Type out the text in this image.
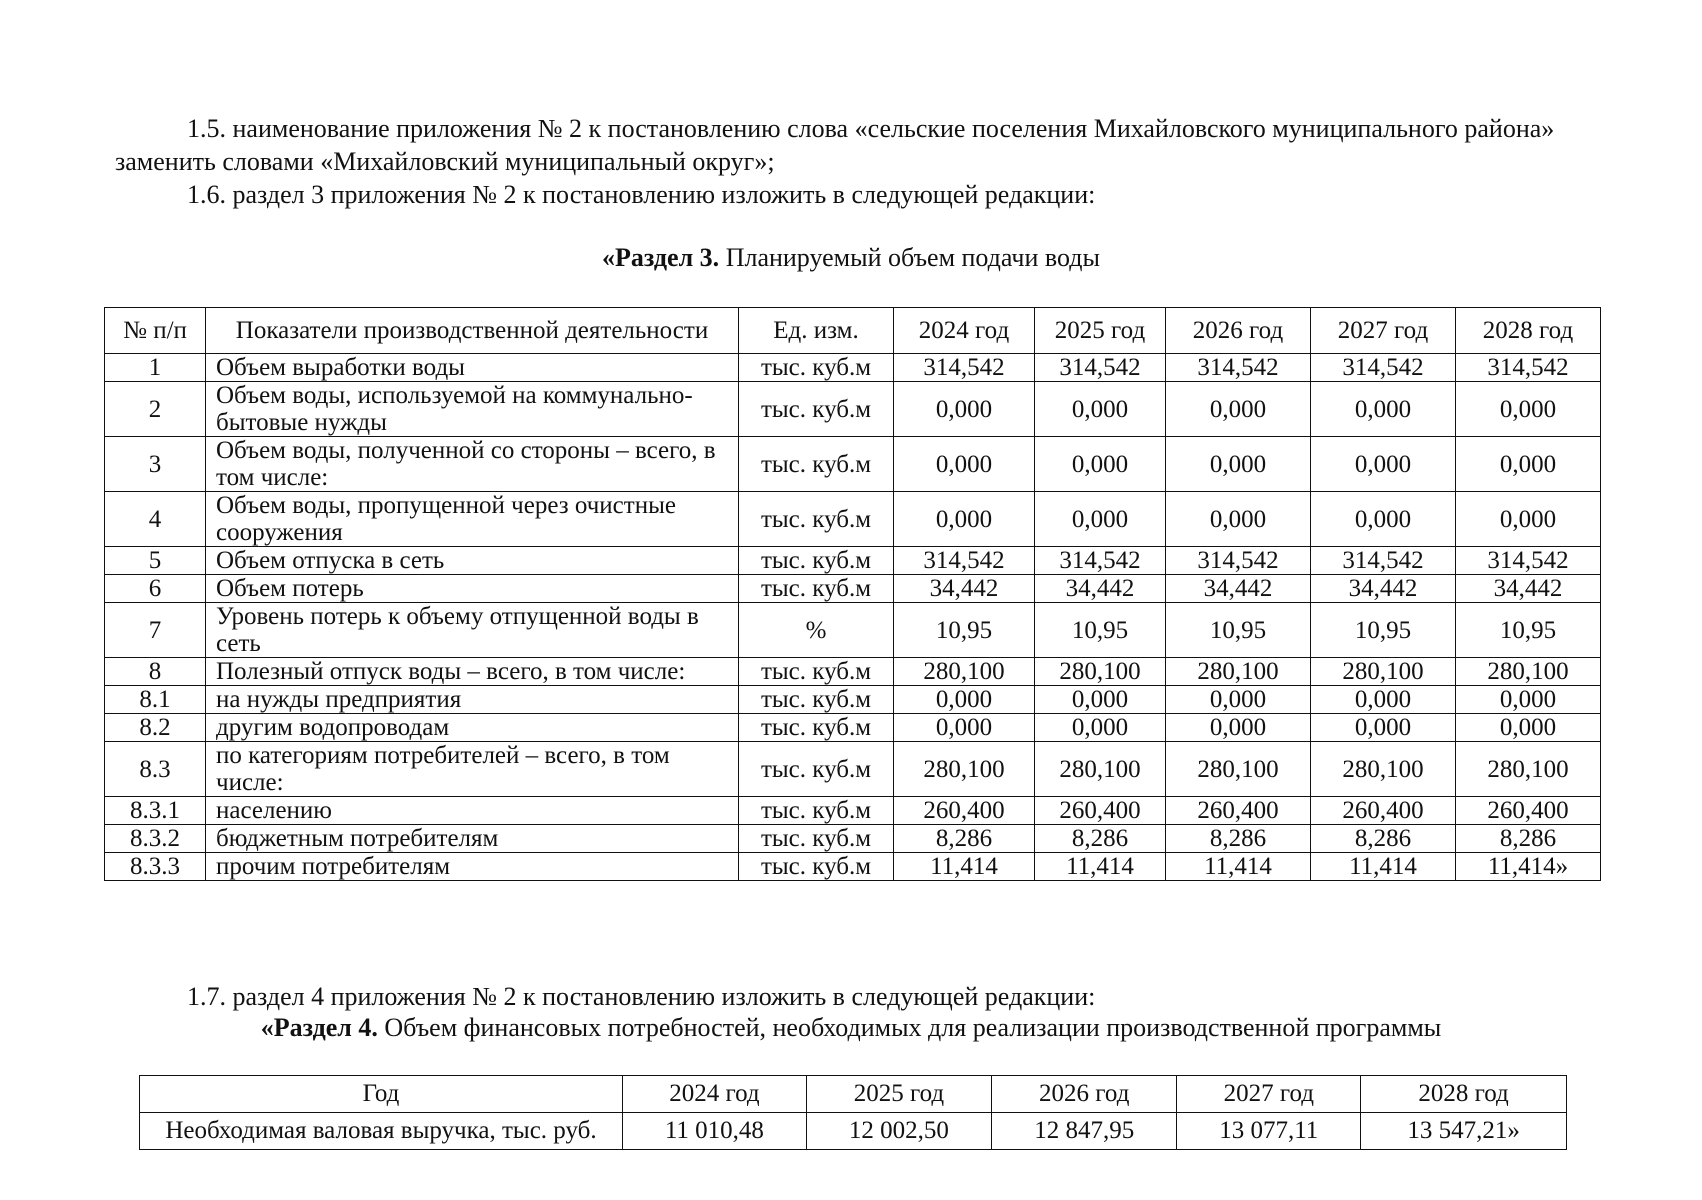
1.5. наименование приложения № 2 к постановлению слова «сельские поселения Михайловского муниципального района» заменить словами «Михайловский муниципальный округ»;

1.6. раздел 3 приложения № 2 к постановлению изложить в следующей редакции:

«Раздел 3. Планируемый объем подачи воды
№ п/п	Показатели производственной деятельности	Ед. изм.	2024 год	2025 год	2026 год	2027 год	2028 год
1	Объем выработки воды	тыс. куб.м	314,542	314,542	314,542	314,542	314,542
2	Объем воды, используемой на коммунально-бытовые нужды	тыс. куб.м	0,000	0,000	0,000	0,000	0,000
3	Объем воды, полученной со стороны – всего, в том числе:	тыс. куб.м	0,000	0,000	0,000	0,000	0,000
4	Объем воды, пропущенной через очистные сооружения	тыс. куб.м	0,000	0,000	0,000	0,000	0,000
5	Объем отпуска в сеть	тыс. куб.м	314,542	314,542	314,542	314,542	314,542
6	Объем потерь	тыс. куб.м	34,442	34,442	34,442	34,442	34,442
7	Уровень потерь к объему отпущенной воды в сеть	%	10,95	10,95	10,95	10,95	10,95
8	Полезный отпуск воды – всего, в том числе:	тыс. куб.м	280,100	280,100	280,100	280,100	280,100
8.1	на нужды предприятия	тыс. куб.м	0,000	0,000	0,000	0,000	0,000
8.2	другим водопроводам	тыс. куб.м	0,000	0,000	0,000	0,000	0,000
8.3	по категориям потребителей – всего, в том числе:	тыс. куб.м	280,100	280,100	280,100	280,100	280,100
8.3.1	населению	тыс. куб.м	260,400	260,400	260,400	260,400	260,400
8.3.2	бюджетным потребителям	тыс. куб.м	8,286	8,286	8,286	8,286	8,286
8.3.3	прочим потребителям	тыс. куб.м	11,414	11,414	11,414	11,414	11,414»

1.7. раздел 4 приложения № 2 к постановлению изложить в следующей редакции:

«Раздел 4. Объем финансовых потребностей, необходимых для реализации производственной программы
Год	2024 год	2025 год	2026 год	2027 год	2028 год
Необходимая валовая выручка, тыс. руб.	11 010,48	12 002,50	12 847,95	13 077,11	13 547,21»
